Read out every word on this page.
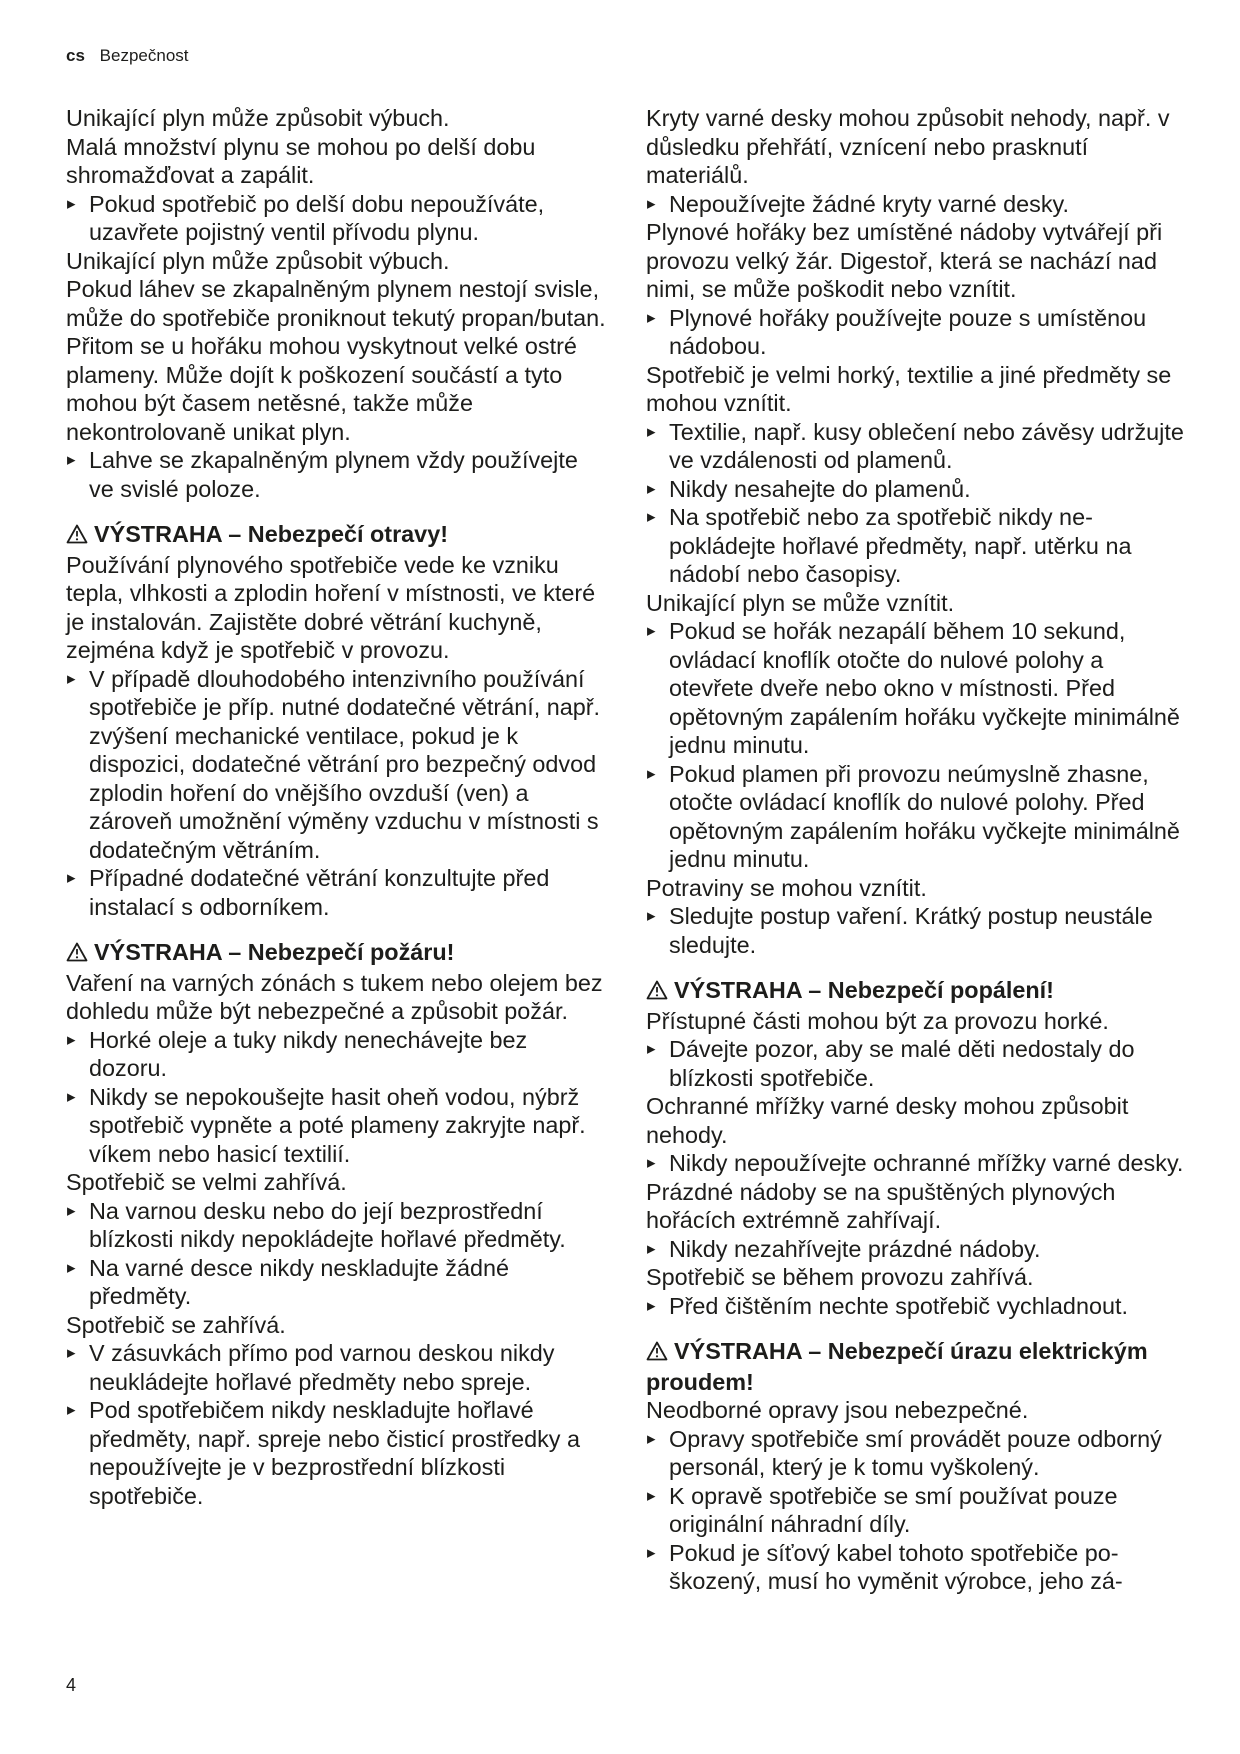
cs Bezpečnost
Unikající plyn může způsobit výbuch.
Malá množství plynu se mohou po delší dobu shromažďovat a zapálit.
▸ Pokud spotřebič po delší dobu nepoužíváte, uzavřete pojistný ventil přívodu plynu.
Unikající plyn může způsobit výbuch.
Pokud láhev se zkapalněným plynem nestojí svisle, může do spotřebiče proniknout tekutý propan/butan. Přitom se u hořáku mohou vyskytnout velké ostré plameny. Může dojít k poškození součástí a tyto mohou být časem netěsné, takže může nekontrolovaně unikat plyn.
▸ Lahve se zkapalněným plynem vždy používejte ve svislé poloze.
VÝSTRAHA – Nebezpečí otravy!
Používání plynového spotřebiče vede ke vzniku tepla, vlhkosti a zplodin hoření v místnosti, ve které je instalován. Zajistěte dobré větrání kuchyně, zejména když je spotřebič v provozu.
▸ V případě dlouhodobého intenzivního používání spotřebiče je příp. nutné dodatečné větrání, např. zvýšení mechanické ventilace, pokud je k dispozici, dodatečné větrání pro bezpečný odvod zplodin hoření do vnějšího ovzduší (ven) a zároveň umožnění výměny vzduchu v místnosti s dodatečným větráním.
▸ Případné dodatečné větrání konzultujte před instalací s odborníkem.
VÝSTRAHA – Nebezpečí požáru!
Vaření na varných zónách s tukem nebo olejem bez dohledu může být nebezpečné a způsobit požár.
▸ Horké oleje a tuky nikdy nenechávejte bez dozoru.
▸ Nikdy se nepokoušejte hasit oheň vodou, nýbrž spotřebič vypněte a poté plameny zakryjte např. víkem nebo hasicí textilií.
Spotřebič se velmi zahřívá.
▸ Na varnou desku nebo do její bezprostřední blízkosti nikdy nepokládejte hořlavé předměty.
▸ Na varné desce nikdy neskladujte žádné předměty.
Spotřebič se zahřívá.
▸ V zásuvkách přímo pod varnou deskou nikdy neukládejte hořlavé předměty nebo spreje.
▸ Pod spotřebičem nikdy neskladujte hořlavé předměty, např. spreje nebo čisticí prostředky a nepoužívejte je v bezprostřední blízkosti spotřebiče.
Kryty varné desky mohou způsobit nehody, např. v důsledku přehřátí, vznícení nebo prasknutí materiálů.
▸ Nepoužívejte žádné kryty varné desky.
Plynové hořáky bez umístěné nádoby vytvářejí při provozu velký žár. Digestoř, která se nachází nad nimi, se může poškodit nebo vznítit.
▸ Plynové hořáky používejte pouze s umístěnou nádobou.
Spotřebič je velmi horký, textilie a jiné předměty se mohou vznítit.
▸ Textilie, např. kusy oblečení nebo závěsy udržujte ve vzdálenosti od plamenů.
▸ Nikdy nesahejte do plamenů.
▸ Na spotřebič nebo za spotřebič nikdy nepokládejte hořlavé předměty, např. utěrku na nádobí nebo časopisy.
Unikající plyn se může vznítit.
▸ Pokud se hořák nezapálí během 10 sekund, ovládací knoflík otočte do nulové polohy a otevřete dveře nebo okno v místnosti. Před opětovným zapálením hořáku vyčkejte minimálně jednu minutu.
▸ Pokud plamen při provozu neúmyslně zhasne, otočte ovládací knoflík do nulové polohy. Před opětovným zapálením hořáku vyčkejte minimálně jednu minutu.
Potraviny se mohou vznítit.
▸ Sledujte postup vaření. Krátký postup neustále sledujte.
VÝSTRAHA – Nebezpečí popálení!
Přístupné části mohou být za provozu horké.
▸ Dávejte pozor, aby se malé děti nedostaly do blízkosti spotřebiče.
Ochranné mřížky varné desky mohou způsobit nehody.
▸ Nikdy nepoužívejte ochranné mřížky varné desky.
Prázdné nádoby se na spuštěných plynových hořácích extrémně zahřívají.
▸ Nikdy nezahřívejte prázdné nádoby.
Spotřebič se během provozu zahřívá.
▸ Před čištěním nechte spotřebič vychladnout.
VÝSTRAHA – Nebezpečí úrazu elektrickým proudem!
Neodborné opravy jsou nebezpečné.
▸ Opravy spotřebiče smí provádět pouze odborný personál, který je k tomu vyškolený.
▸ K opravě spotřebiče se smí používat pouze originální náhradní díly.
▸ Pokud je síťový kabel tohoto spotřebiče poškozený, musí ho vyměnit výrobce, jeho zá-
4
